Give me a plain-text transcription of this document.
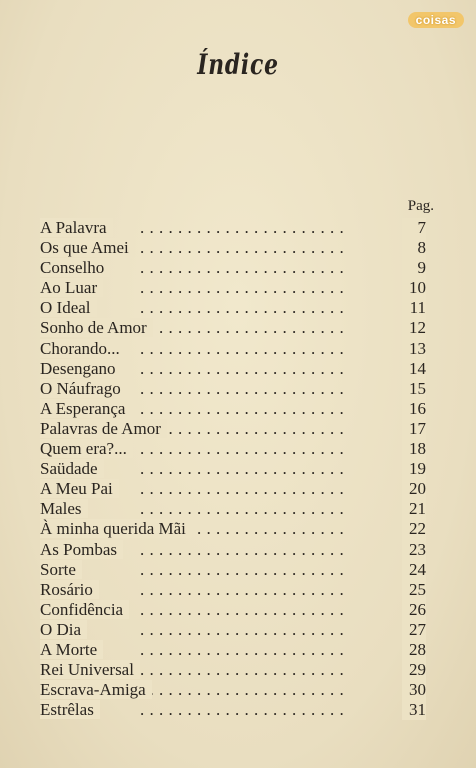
coisas
Índice
Pag.
A Palavra	7
. .
Os que Amei	8
. .
Conselho	9
. .
Ao Luar	10
. .
O Ideal	11
. .
Sonho de Amor	12
. .
Chorando...	13
. .
Desengano	14
. .
O Náufrago	15
. .
A Esperança	16
. .
Palavras de Amor	17
. .
Quem era?...	18
. .
Saüdade	19
. .
A Meu Pai	20
. .
Males	21
. .
À minha querida Mãi	22
. .
As Pombas	23
. .
Sorte	24
. .
Rosário	25
. .
Confidência	26
. .
O Dia	27
. .
A Morte	28
. .
Rei Universal	29
. .
Escrava-Amiga	30
. .
Estrêlas	31
. .
